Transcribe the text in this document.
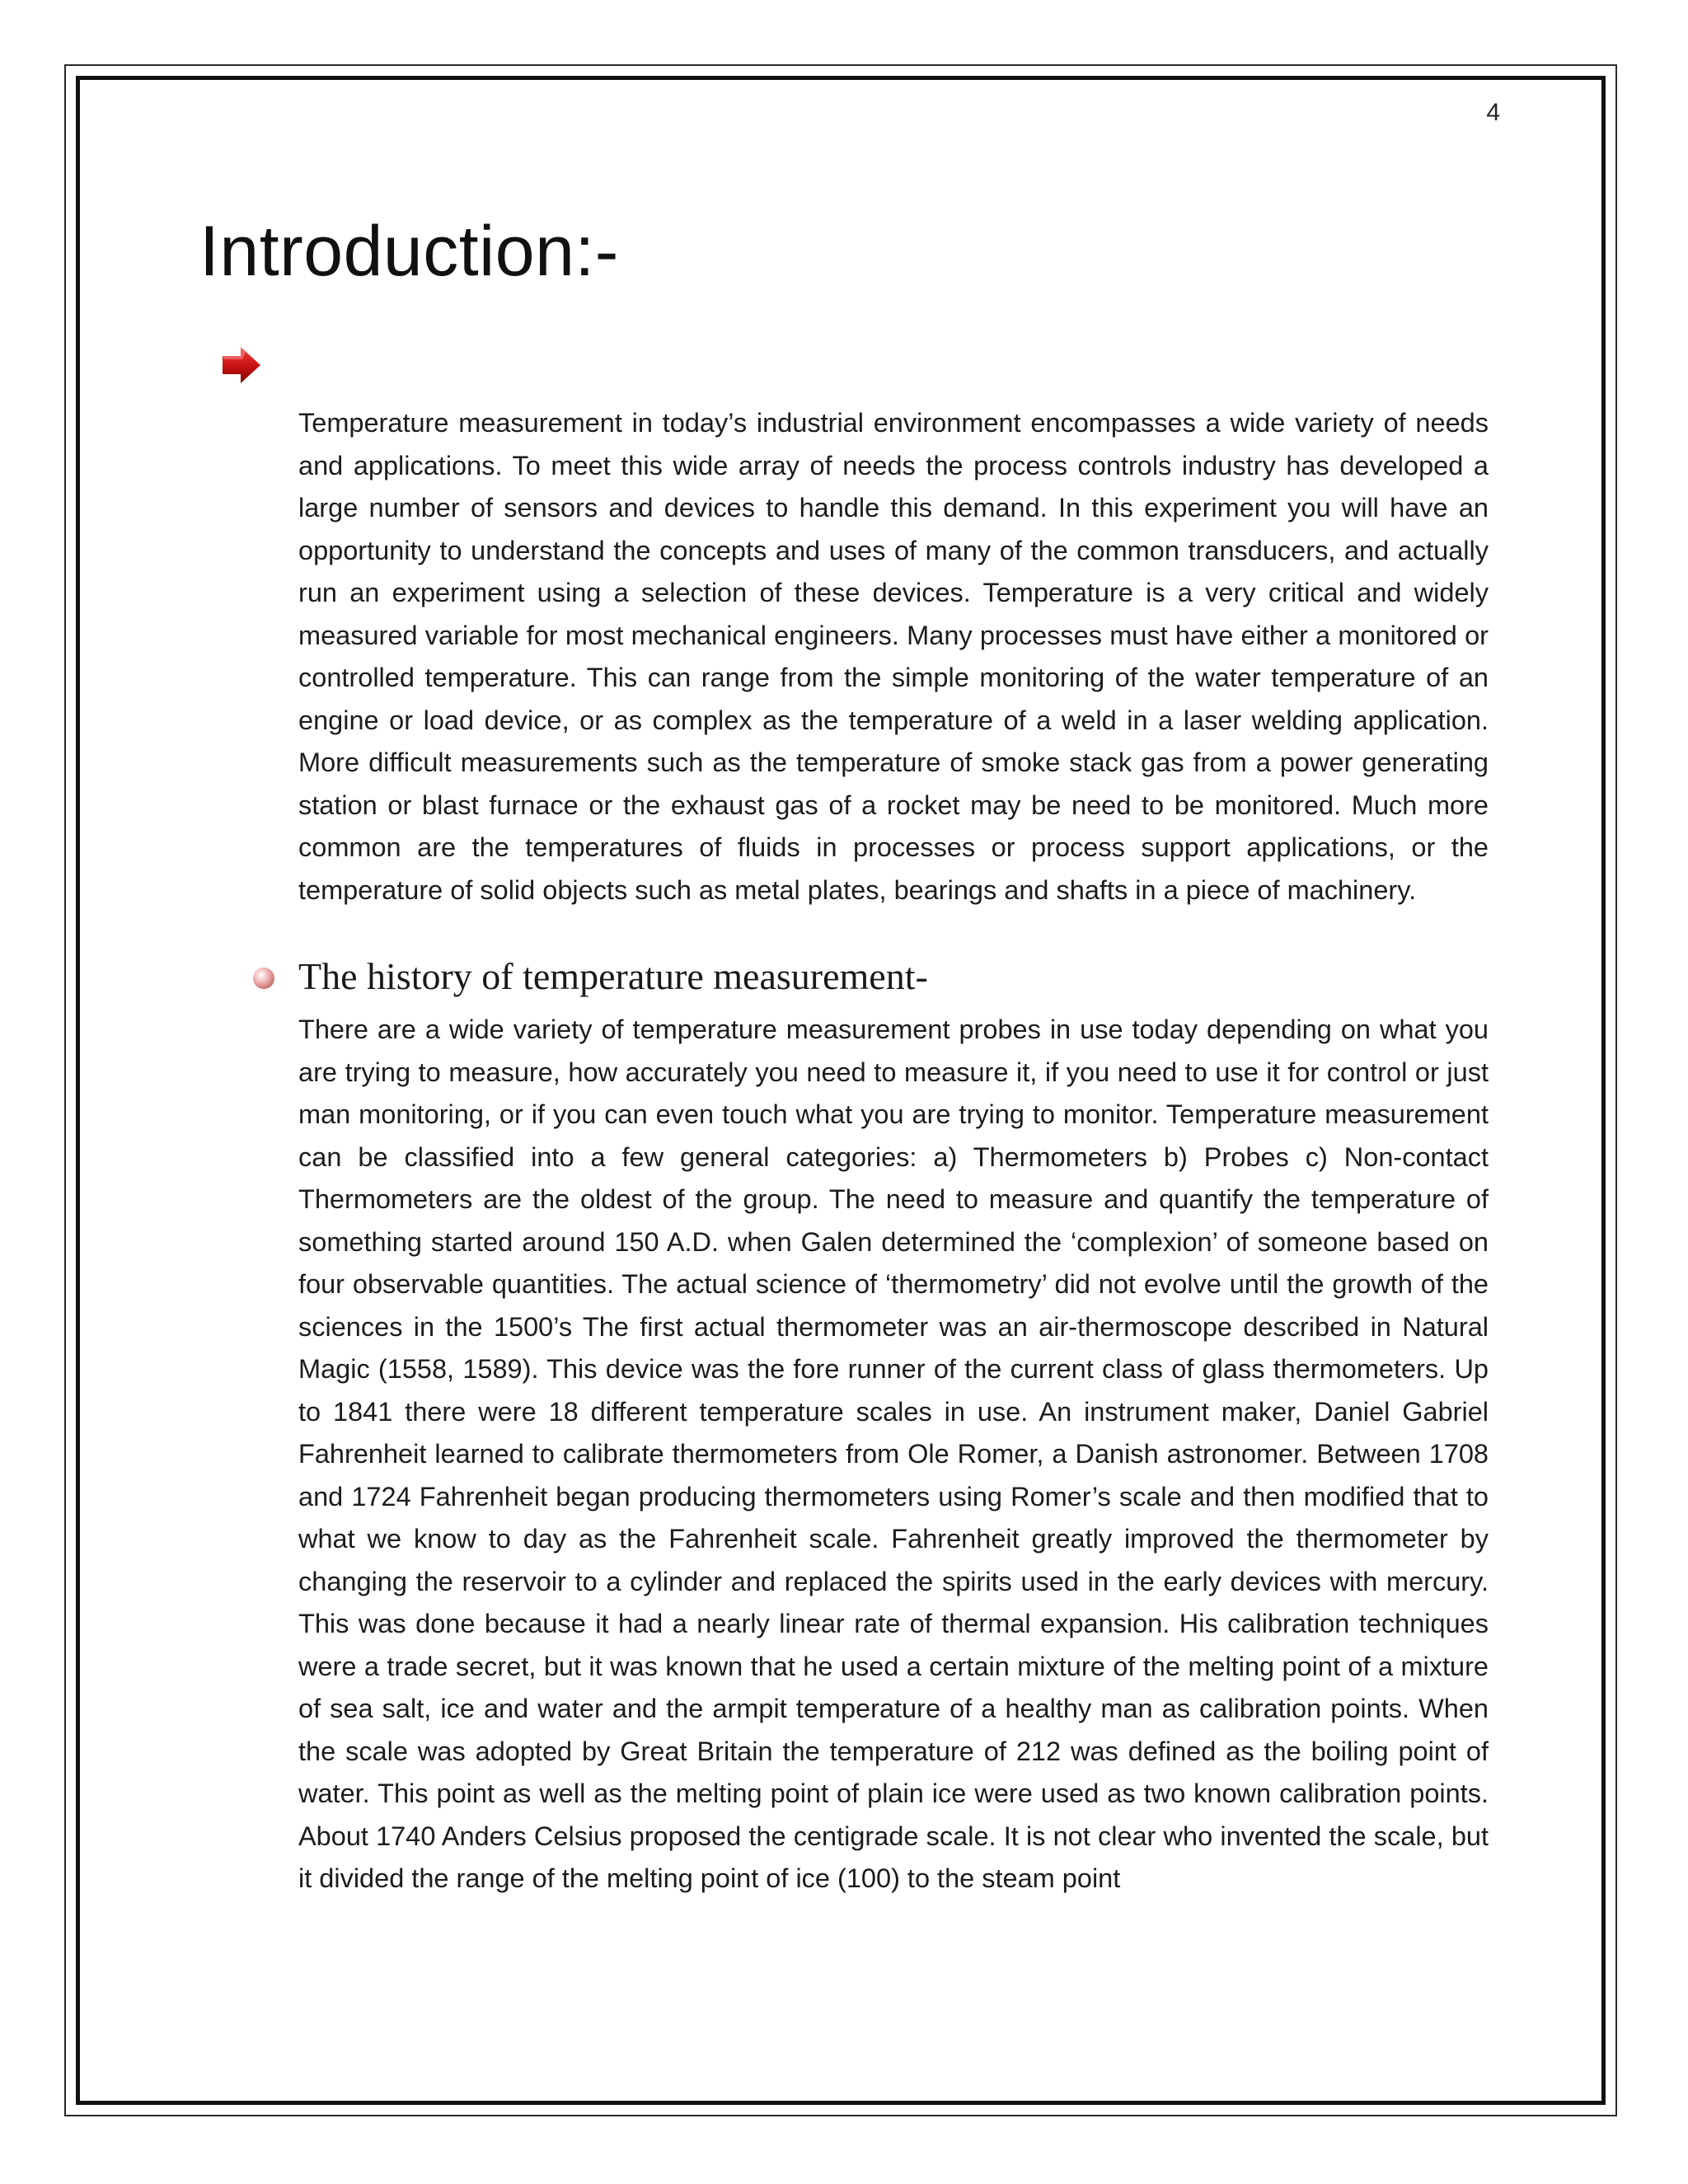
4
Introduction:-

Temperature measurement in today’s industrial environment encompasses a wide variety of needs and applications. To meet this wide array of needs the process controls industry has developed a large number of sensors and devices to handle this demand. In this experiment you will have an opportunity to understand the concepts and uses of many of the common transducers, and actually run an experiment using a selection of these devices. Temperature is a very critical and widely measured variable for most mechanical engineers. Many processes must have either a monitored or controlled temperature. This can range from the simple monitoring of the water temperature of an engine or load device, or as complex as the temperature of a weld in a laser welding application. More difficult measurements such as the temperature of smoke stack gas from a power generating station or blast furnace or the exhaust gas of a rocket may be need to be monitored. Much more common are the temperatures of fluids in processes or process support applications, or the temperature of solid objects such as metal plates, bearings and shafts in a piece of machinery.

The history of temperature measurement-

There are a wide variety of temperature measurement probes in use today depending on what you are trying to measure, how accurately you need to measure it, if you need to use it for control or just man monitoring, or if you can even touch what you are trying to monitor. Temperature measurement can be classified into a few general categories: a) Thermometers b) Probes c) Non-contact Thermometers are the oldest of the group. The need to measure and quantify the temperature of something started around 150 A.D. when Galen determined the ‘complexion’ of someone based on four observable quantities. The actual science of ‘thermometry’ did not evolve until the growth of the sciences in the 1500’s The first actual thermometer was an air-thermoscope described in Natural Magic (1558, 1589). This device was the fore runner of the current class of glass thermometers. Up to 1841 there were 18 different temperature scales in use. An instrument maker, Daniel Gabriel Fahrenheit learned to calibrate thermometers from Ole Romer, a Danish astronomer. Between 1708 and 1724 Fahrenheit began producing thermometers using Romer’s scale and then modified that to what we know to day as the Fahrenheit scale. Fahrenheit greatly improved the thermometer by changing the reservoir to a cylinder and replaced the spirits used in the early devices with mercury. This was done because it had a nearly linear rate of thermal expansion. His calibration techniques were a trade secret, but it was known that he used a certain mixture of the melting point of a mixture of sea salt, ice and water and the armpit temperature of a healthy man as calibration points. When the scale was adopted by Great Britain the temperature of 212 was defined as the boiling point of water. This point as well as the melting point of plain ice were used as two known calibration points. About 1740 Anders Celsius proposed the centigrade scale. It is not clear who invented the scale, but it divided the range of the melting point of ice (100) to the steam point
